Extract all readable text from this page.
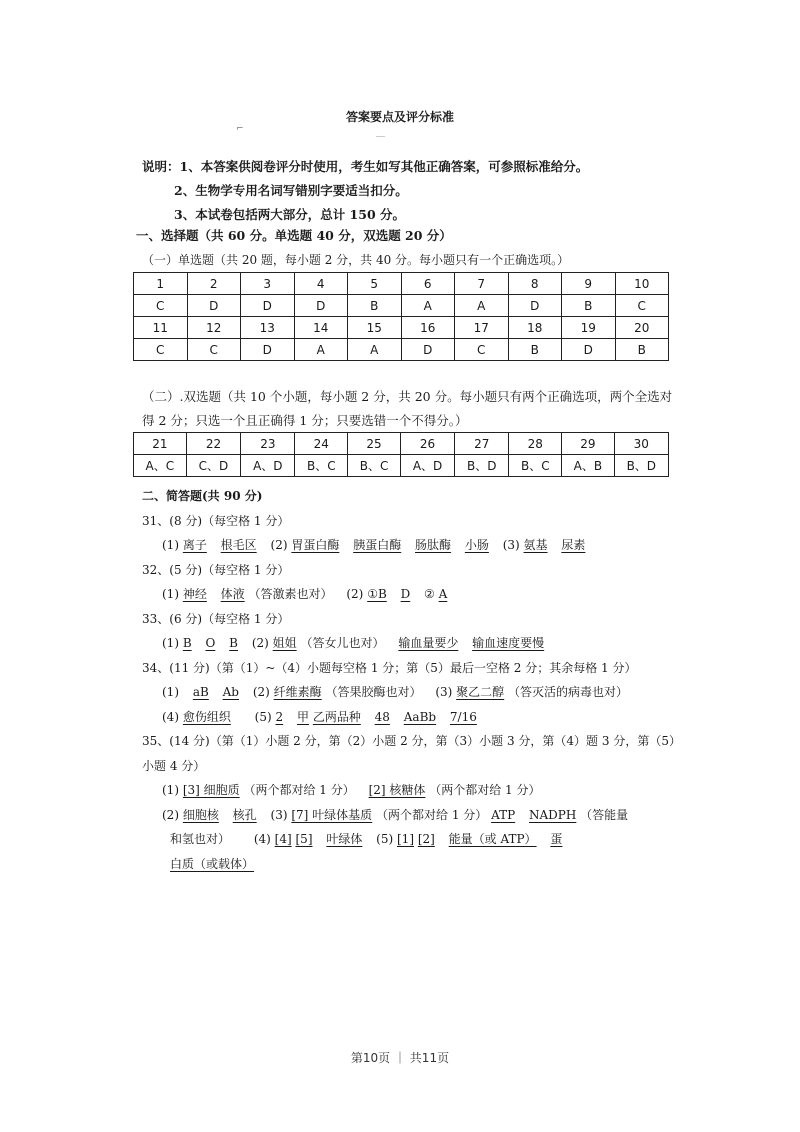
答案要点及评分标准
⌐
‾‾
说明：1、本答案供阅卷评分时使用，考生如写其他正确答案，可参照标准给分。
2、生物学专用名词写错别字要适当扣分。
3、本试卷包括两大部分，总计 150 分。
一、选择题（共 60 分。单选题 40 分，双选题 20 分）
（一）单选题（共 20 题，每小题 2 分，共 40 分。每小题只有一个正确选项。）
1	2	3	4	5	6	7	8	9	10
C	D	D	D	B	A	A	D	B	C
11	12	13	14	15	16	17	18	19	20
C	C	D	A	A	D	C	B	D	B
（二）.双选题（共 10 个小题，每小题 2 分，共 20 分。每小题只有两个正确选项，两个全选对得 2 分；只选一个且正确得 1 分；只要选错一个不得分。）
21	22	23	24	25	26	27	28	29	30
A、C	C、D	A、D	B、C	B、C	A、D	B、D	B、C	A、B	B、D
二、简答题(共 90 分)
31、(8 分)（每空格 1 分）
(1) 离子 根毛区 (2) 胃蛋白酶 胰蛋白酶 肠肽酶 小肠 (3) 氨基 尿素
32、(5 分)（每空格 1 分）
(1) 神经 体液 （答激素也对） (2) ①B D ② A
33、(6 分)（每空格 1 分）
(1) B O B (2) 姐姐 （答女儿也对） 输血量要少 输血速度要慢
34、(11 分)（第（1）~（4）小题每空格 1 分；第（5）最后一空格 2 分；其余每格 1 分）
(1) aB Ab (2) 纤维素酶 （答果胶酶也对） (3) 聚乙二醇 （答灭活的病毒也对）
(4) 愈伤组织 (5) 2 甲 乙两品种 48 AaBb 7/16
35、(14 分)（第（1）小题 2 分，第（2）小题 2 分，第（3）小题 3 分，第（4）题 3 分，第（5）小题 4 分）
(1) [3] 细胞质 （两个都对给 1 分） [2] 核糖体 （两个都对给 1 分）
(2) 细胞核 核孔 (3) [7] 叶绿体基质 （两个都对给 1 分） ATP NADPH （答能量
和氢也对） (4) [4] [5] 叶绿体 (5) [1] [2] 能量（或 ATP） 蛋
白质（或载体）
第10页 ｜ 共11页
